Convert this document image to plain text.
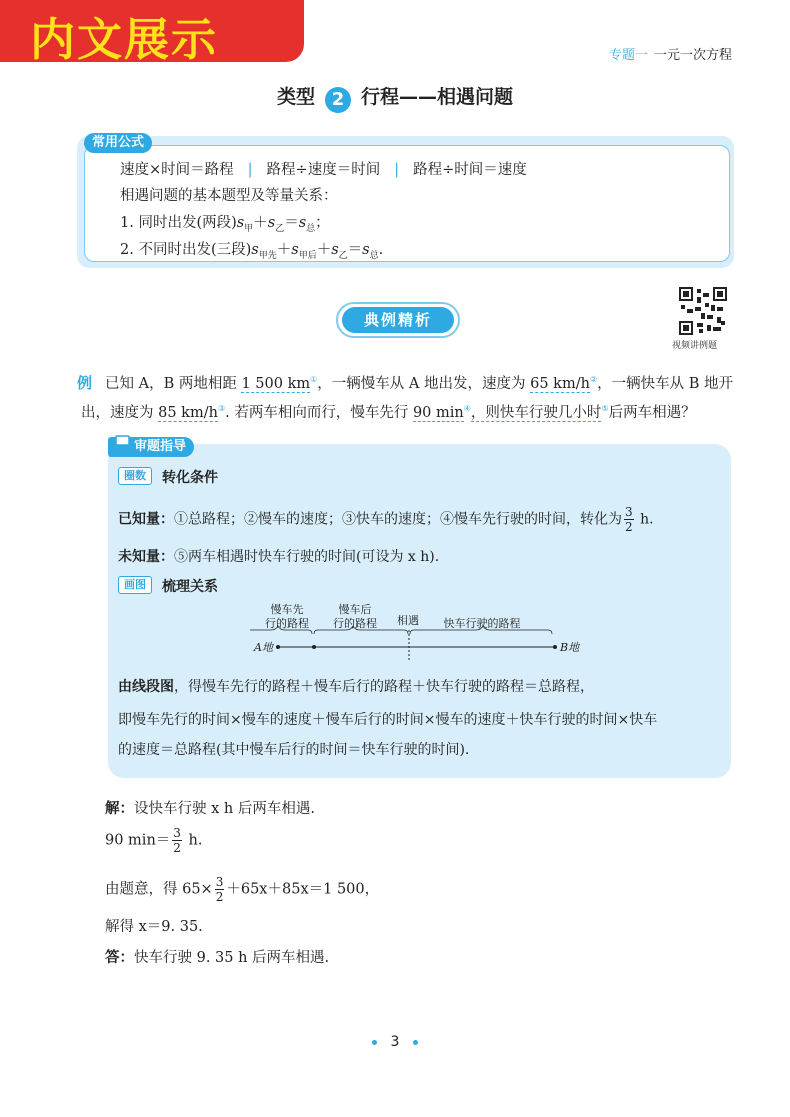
内文展示	专题一 一元一次方程
类型 2 行程——相遇问题
常用公式
速度×时间＝路程 | 路程÷速度＝时间 | 路程÷时间＝速度
相遇问题的基本题型及等量关系：
1. 同时出发(两段)$s_甲+s_乙=s_总$；
2. 不同时出发(三段)$s_{甲先}+s_{甲后}+s_乙=s_总$.
典例精析
视频讲例题
例 已知 A，B 两地相距 1 500 km①，一辆慢车从 A 地出发，速度为 65 km/h②，一辆快车从 B 地开
出，速度为 85 km/h③. 若两车相向而行，慢车先行 90 min④，则快车行驶几小时⑤后两车相遇？
审题指导
圈数	转化条件
已知量：①总路程；②慢车的速度；③快车的速度；④慢车先行驶的时间，转化为 $\frac{3}{2} h$.
未知量：⑤两车相遇时快车行驶的时间(可设为 x h).
画图	梳理关系
慢车先
行的路程
慢车后
行的路程 相遇 快车行驶的路程
A地	B地
由线段图，得慢车先行的路程＋慢车后行的路程＋快车行驶的路程＝总路程，
即慢车先行的时间×慢车的速度＋慢车后行的时间×慢车的速度＋快车行驶的时间×快车
的速度＝总路程(其中慢车后行的时间＝快车行驶的时间).
解：设快车行驶 x h 后两车相遇.
90 $\min= \frac{3}{2} h$.
由题意，得 $65\times \frac{3}{2} +65x+85x=1$ 500，
解得 x＝9. 35.
答：快车行驶 9. 35 h 后两车相遇.
3
